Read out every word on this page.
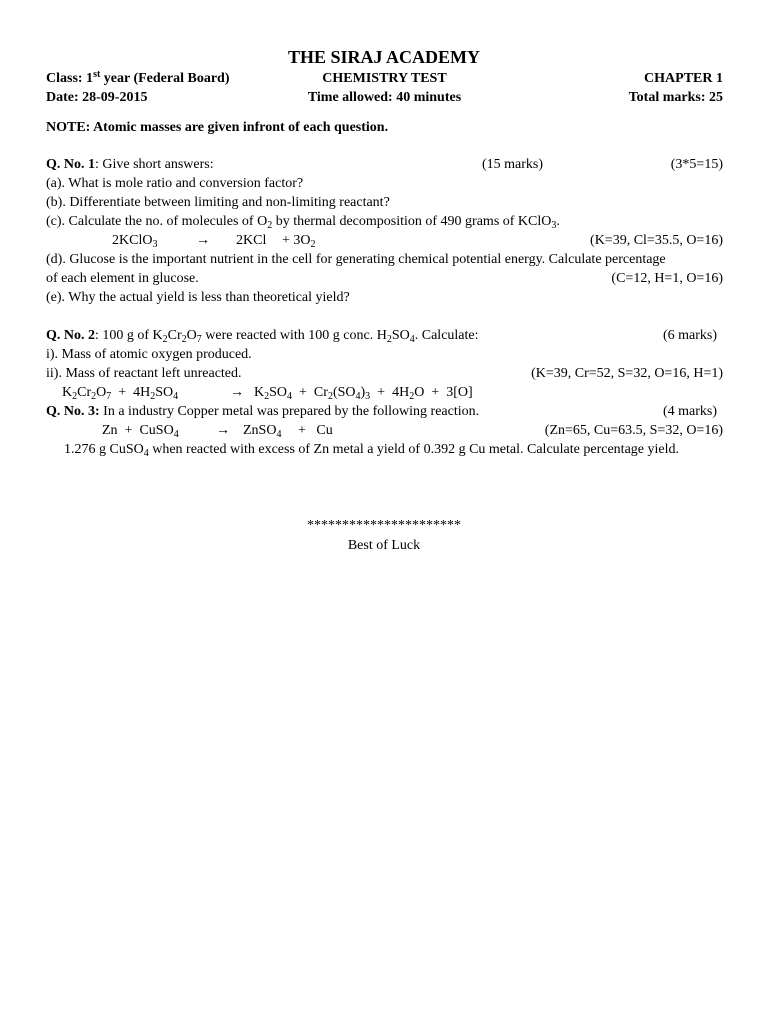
THE SIRAJ ACADEMY
Class: 1st year (Federal Board)	CHEMISTRY TEST	CHAPTER 1
Date: 28-09-2015	Time allowed: 40 minutes	Total marks: 25
NOTE: Atomic masses are given infront of each question.
Q. No. 1: Give short answers:	(15 marks)	(3*5=15)
(a). What is mole ratio and conversion factor?
(b). Differentiate between limiting and non-limiting reactant?
(c). Calculate the no. of molecules of $O_2$ by thermal decomposition of 490 grams of KClO$_3$.
2KClO$_3$	→ $2KCl + 3O_2$	(K=39, Cl=35.5, O=16)
(d). Glucose is the important nutrient in the cell for generating chemical potential energy. Calculate percentage
of each element in glucose.	(C=12, H=1, O=16)
(e). Why the actual yield is less than theoretical yield?
Q. No. 2: 100 g of $K_2Cr_2O_7$ were reacted with 100 g conc. $H_2SO_4$. Calculate:	(6 marks)
i). Mass of atomic oxygen produced.
ii). Mass of reactant left unreacted.	(K=39, Cr=52, S=32, O=16, H=1)
$K_2Cr_2O_7 + 4H_2SO_4$	→ $K_2SO_4 + Cr_2(SO_4)_3 + 4H_2O + 3[O]$
Q. No. 3: In a industry Copper metal was prepared by the following reaction.	(4 marks)
Zn  +  CuSO$_4$	→ ZnSO$_4$ +   Cu	(Zn=65, Cu=63.5, S=32, O=16)
1.276 g CuSO$_4$ when reacted with excess of Zn metal a yield of 0.392 g Cu metal. Calculate percentage yield.
**********************
Best of Luck
